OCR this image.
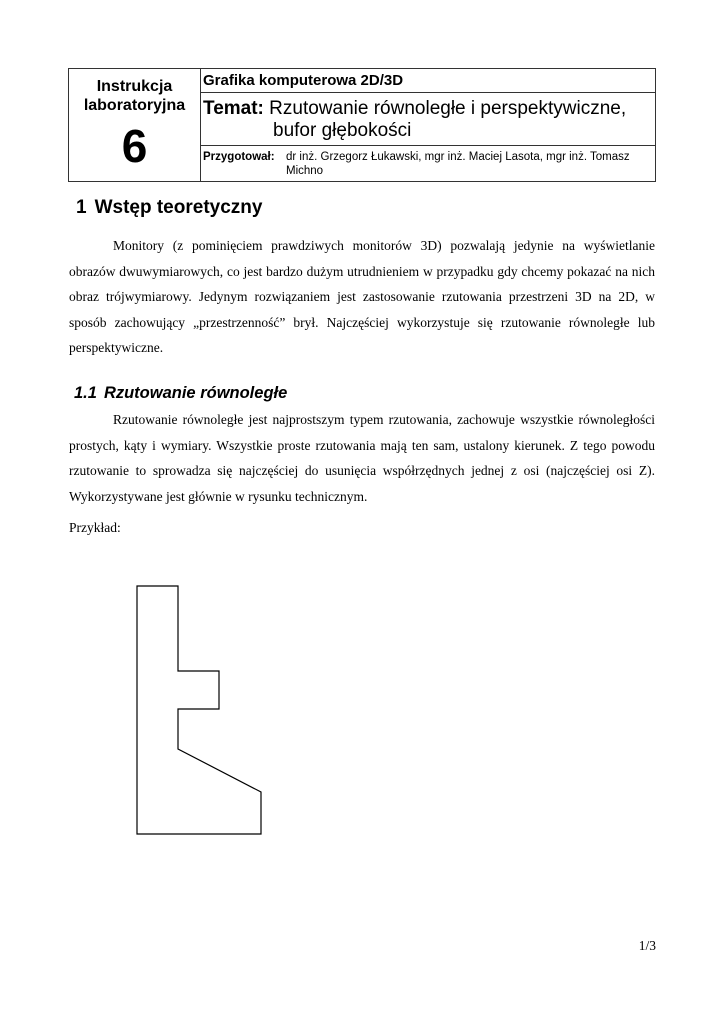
Instrukcja laboratoryjna
6
Grafika komputerowa 2D/3D
Temat: Rzutowanie równoległe i perspektywiczne,
bufor głębokości
Przygotował: dr inż. Grzegorz Łukawski, mgr inż. Maciej Lasota, mgr inż. Tomasz Michno
1 Wstęp teoretyczny
Monitory (z pominięciem prawdziwych monitorów 3D) pozwalają jedynie na wyświetlanie obrazów dwuwymiarowych, co jest bardzo dużym utrudnieniem w przypadku gdy chcemy pokazać na nich obraz trójwymiarowy. Jedynym rozwiązaniem jest zastosowanie rzutowania przestrzeni 3D na 2D, w sposób zachowujący „przestrzenność” brył. Najczęściej wykorzystuje się rzutowanie równoległe lub perspektywiczne.
1.1 Rzutowanie równoległe
Rzutowanie równoległe jest najprostszym typem rzutowania, zachowuje wszystkie równoległości prostych, kąty i wymiary. Wszystkie proste rzutowania mają ten sam, ustalony kierunek. Z tego powodu rzutowanie to sprowadza się najczęściej do usunięcia współrzędnych jednej z osi (najczęściej osi Z). Wykorzystywane jest głównie w rysunku technicznym.
Przykład:
1/3
